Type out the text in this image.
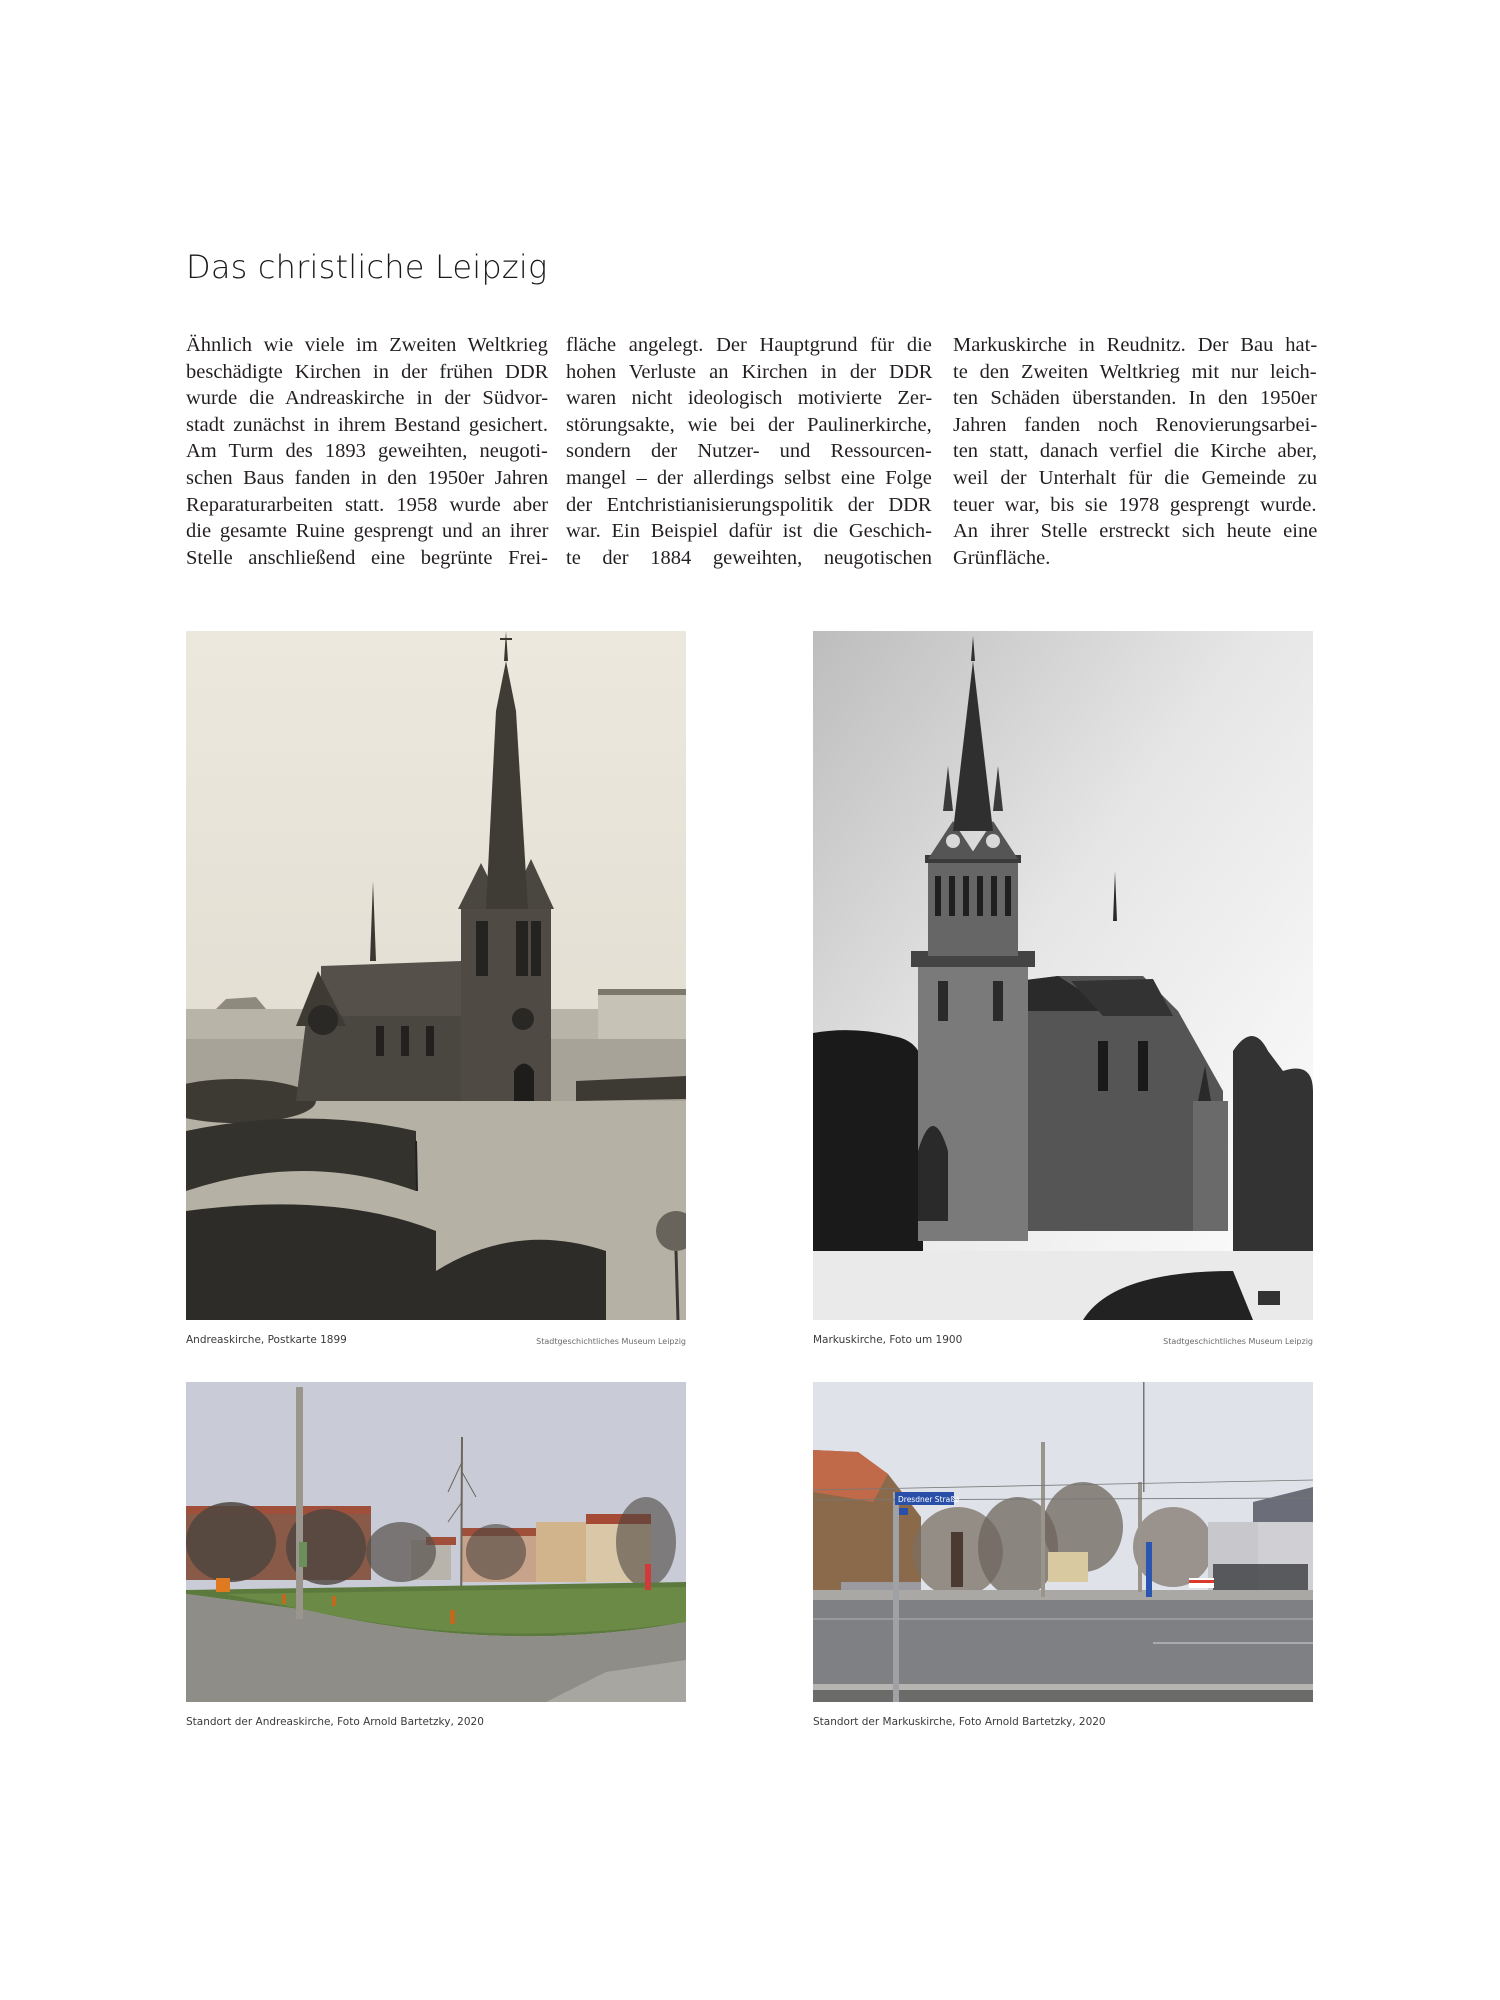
Das christliche Leipzig
Ähnlich wie viele im Zweiten Weltkrieg
beschädigte Kirchen in der frühen DDR
wurde die Andreaskirche in der Südvor-
stadt zunächst in ihrem Bestand gesichert.
Am Turm des 1893 geweihten, neugoti-
schen Baus fanden in den 1950er Jahren
Reparaturarbeiten statt. 1958 wurde aber
die gesamte Ruine gesprengt und an ihrer
Stelle anschließend eine begrünte Frei-
fläche angelegt. Der Hauptgrund für die
hohen Verluste an Kirchen in der DDR
waren nicht ideologisch motivierte Zer-
störungsakte, wie bei der Paulinerkirche,
sondern der Nutzer- und Ressourcen-
mangel – der allerdings selbst eine Folge
der Entchristianisierungspolitik der DDR
war. Ein Beispiel dafür ist die Geschich-
te der 1884 geweihten, neugotischen
Markuskirche in Reudnitz. Der Bau hat-
te den Zweiten Weltkrieg mit nur leich-
ten Schäden überstanden. In den 1950er
Jahren fanden noch Renovierungsarbei-
ten statt, danach verfiel die Kirche aber,
weil der Unterhalt für die Gemeinde zu
teuer war, bis sie 1978 gesprengt wurde.
An ihrer Stelle erstreckt sich heute eine
Grünfläche.
Andreaskirche, Postkarte 1899	Stadtgeschichtliches Museum Leipzig	Markuskirche, Foto um 1900	Stadtgeschichtliches Museum Leipzig
Standort der Andreaskirche, Foto Arnold Bartetzky, 2020
Dresdner Straße
Standort der Markuskirche, Foto Arnold Bartetzky, 2020
